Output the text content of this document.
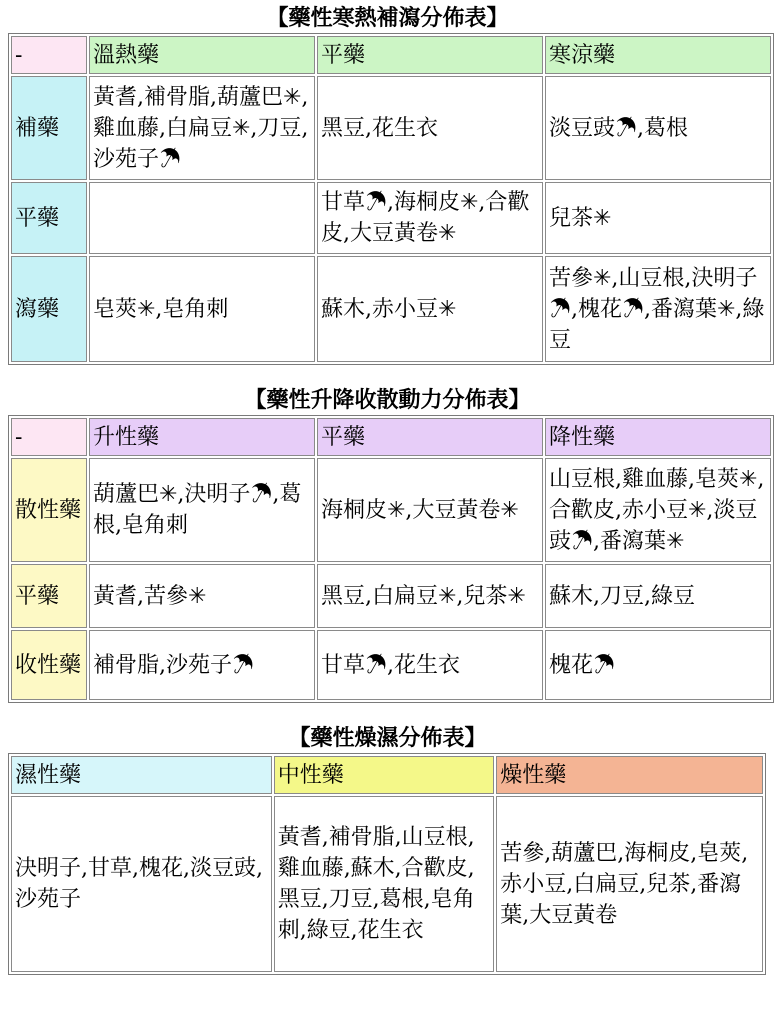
【藥性寒熱補瀉分佈表】
-	溫熱藥	平藥	寒涼藥
補藥	黃耆,補骨脂,葫蘆巴✳,雞血藤,白扁豆✳,刀豆,沙苑子☂	黑豆,花生衣	淡豆豉☂,葛根
平藥		甘草☂,海桐皮✳,合歡皮,大豆黃卷✳	兒茶✳
瀉藥	皂莢✳,皂角刺	蘇木,赤小豆✳	苦參✳,山豆根,決明子☂,槐花☂,番瀉葉✳,綠豆
【藥性升降收散動力分佈表】
-	升性藥	平藥	降性藥
散性藥	葫蘆巴✳,決明子☂,葛根,皂角刺	海桐皮✳,大豆黃卷✳	山豆根,雞血藤,皂莢✳,合歡皮,赤小豆✳,淡豆豉☂,番瀉葉✳
平藥	黃耆,苦參✳	黑豆,白扁豆✳,兒茶✳	蘇木,刀豆,綠豆
收性藥	補骨脂,沙苑子☂	甘草☂,花生衣	槐花☂
【藥性燥濕分佈表】
濕性藥	中性藥	燥性藥
決明子,甘草,槐花,淡豆豉,沙苑子	黃耆,補骨脂,山豆根,雞血藤,蘇木,合歡皮,黑豆,刀豆,葛根,皂角刺,綠豆,花生衣	苦參,葫蘆巴,海桐皮,皂莢,赤小豆,白扁豆,兒茶,番瀉葉,大豆黃卷
